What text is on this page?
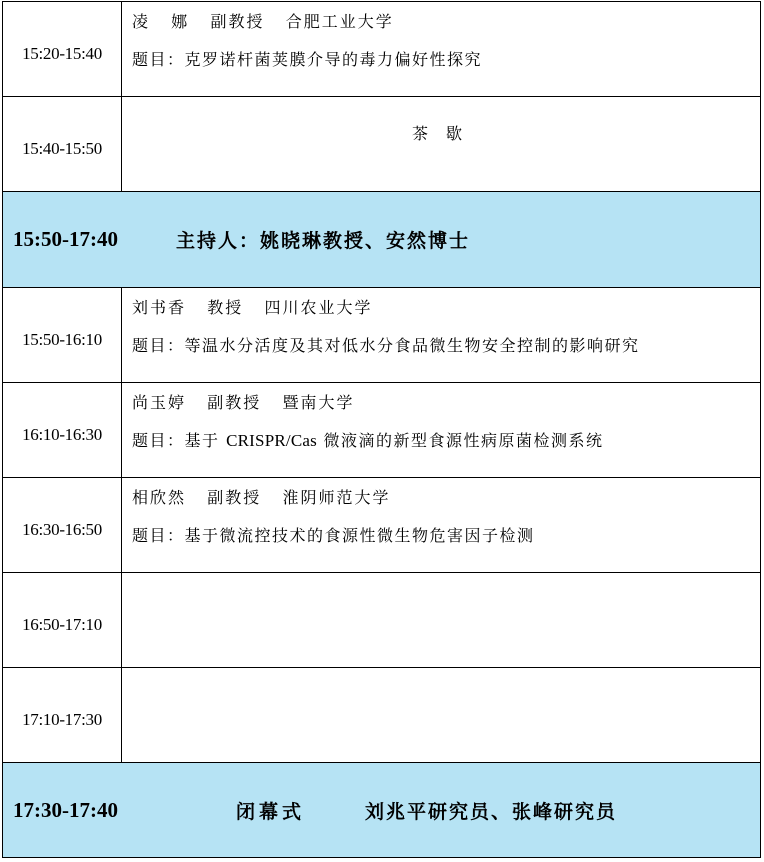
15:20-15:40	凌   娜   副教授   合肥工业大学
题目：克罗诺杆菌荚膜介导的毒力偏好性探究

15:40-15:50	茶歇

15:50-17:40 主持人：姚晓琳教授、安然博士	

15:50-16:10	刘书香   教授   四川农业大学
题目：等温水分活度及其对低水分食品微生物安全控制的影响研究

16:10-16:30	尚玉婷   副教授   暨南大学
题目：基于 CRISPR/Cas 微液滴的新型食源性病原菌检测系统

16:30-16:50	相欣然   副教授   淮阴师范大学
题目：基于微流控技术的食源性微生物危害因子检测

16:50-17:10	
17:10-17:30	

17:30-17:40 闭幕式 刘兆平研究员、张峰研究员	
